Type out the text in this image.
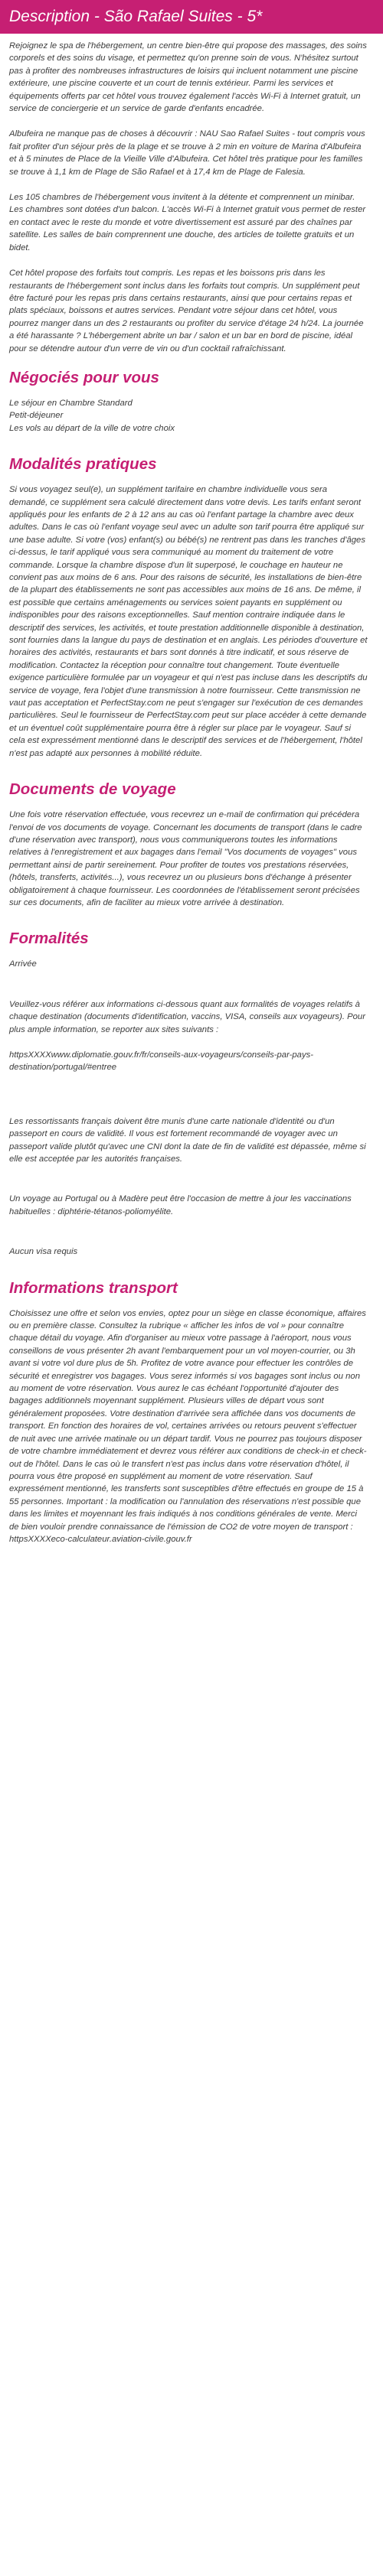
Description - São Rafael Suites - 5*

Rejoignez le spa de l'hébergement, un centre bien-être qui propose des massages, des soins corporels et des soins du visage, et permettez qu'on prenne soin de vous. N'hésitez surtout pas à profiter des nombreuses infrastructures de loisirs qui incluent notamment une piscine extérieure, une piscine couverte et un court de tennis extérieur. Parmi les services et équipements offerts par cet hôtel vous trouvez également l'accès Wi-Fi à Internet gratuit, un service de conciergerie et un service de garde d'enfants encadrée.

Albufeira ne manque pas de choses à découvrir : NAU Sao Rafael Suites - tout compris vous fait profiter d'un séjour près de la plage et se trouve à 2 min en voiture de Marina d'Albufeira et à 5 minutes de Place de la Vieille Ville d'Albufeira. Cet hôtel très pratique pour les familles se trouve à 1,1 km de Plage de São Rafael et à 17,4 km de Plage de Falesia.

Les 105 chambres de l'hébergement vous invitent à la détente et comprennent un minibar. Les chambres sont dotées d'un balcon. L'accès Wi-Fi à Internet gratuit vous permet de rester en contact avec le reste du monde et votre divertissement est assuré par des chaînes par satellite. Les salles de bain comprennent une douche, des articles de toilette gratuits et un bidet.

Cet hôtel propose des forfaits tout compris. Les repas et les boissons pris dans les restaurants de l'hébergement sont inclus dans les forfaits tout compris. Un supplément peut être facturé pour les repas pris dans certains restaurants, ainsi que pour certains repas et plats spéciaux, boissons et autres services. Pendant votre séjour dans cet hôtel, vous pourrez manger dans un des 2 restaurants ou profiter du service d'étage 24 h/24. La journée a été harassante ? L'hébergement abrite un bar / salon et un bar en bord de piscine, idéal pour se détendre autour d'un verre de vin ou d'un cocktail rafraîchissant.

Négociés pour vous

Le séjour en Chambre Standard
Petit-déjeuner
Les vols au départ de la ville de votre choix

Modalités pratiques

Si vous voyagez seul(e), un supplément tarifaire en chambre individuelle vous sera demandé, ce supplément sera calculé directement dans votre devis. Les tarifs enfant seront appliqués pour les enfants de 2 à 12 ans au cas où l'enfant partage la chambre avec deux adultes. Dans le cas où l'enfant voyage seul avec un adulte son tarif pourra être appliqué sur une base adulte. Si votre (vos) enfant(s) ou bébé(s) ne rentrent pas dans les tranches d'âges ci-dessus, le tarif appliqué vous sera communiqué au moment du traitement de votre commande. Lorsque la chambre dispose d'un lit superposé, le couchage en hauteur ne convient pas aux moins de 6 ans. Pour des raisons de sécurité, les installations de bien-être de la plupart des établissements ne sont pas accessibles aux moins de 16 ans. De même, il est possible que certains aménagements ou services soient payants en supplément ou indisponibles pour des raisons exceptionnelles. Sauf mention contraire indiquée dans le descriptif des services, les activités, et toute prestation additionnelle disponible à destination, sont fournies dans la langue du pays de destination et en anglais. Les périodes d'ouverture et horaires des activités, restaurants et bars sont donnés à titre indicatif, et sous réserve de modification. Contactez la réception pour connaître tout changement. Toute éventuelle exigence particulière formulée par un voyageur et qui n'est pas incluse dans les descriptifs du service de voyage, fera l'objet d'une transmission à notre fournisseur. Cette transmission ne vaut pas acceptation et PerfectStay.com ne peut s'engager sur l'exécution de ces demandes particulières. Seul le fournisseur de PerfectStay.com peut sur place accéder à cette demande et un éventuel coût supplémentaire pourra être à régler sur place par le voyageur. Sauf si cela est expressément mentionné dans le descriptif des services et de l'hébergement, l'hôtel n'est pas adapté aux personnes à mobilité réduite.

Documents de voyage

Une fois votre réservation effectuée, vous recevrez un e-mail de confirmation qui précédera l'envoi de vos documents de voyage. Concernant les documents de transport (dans le cadre d'une réservation avec transport), nous vous communiquerons toutes les informations relatives à l'enregistrement et aux bagages dans l'email "Vos documents de voyages" vous permettant ainsi de partir sereinement. Pour profiter de toutes vos prestations réservées, (hôtels, transferts, activités...), vous recevrez un ou plusieurs bons d'échange à présenter obligatoirement à chaque fournisseur. Les coordonnées de l'établissement seront précisées sur ces documents, afin de faciliter au mieux votre arrivée à destination.

Formalités

Arrivée

Veuillez-vous référer aux informations ci-dessous quant aux formalités de voyages relatifs à chaque destination (documents d'identification, vaccins, VISA, conseils aux voyageurs). Pour plus ample information, se reporter aux sites suivants :

httpsXXXXwww.diplomatie.gouv.fr/fr/conseils-aux-voyageurs/conseils-par-pays-destination/portugal/#entree

Les ressortissants français doivent être munis d'une carte nationale d'identité ou d'un passeport en cours de validité. Il vous est fortement recommandé de voyager avec un passeport valide plutôt qu'avec une CNI dont la date de fin de validité est dépassée, même si elle est acceptée par les autorités françaises.

Un voyage au Portugal ou à Madère peut être l'occasion de mettre à jour les vaccinations habituelles : diphtérie-tétanos-poliomyélite.

Aucun visa requis

Informations transport

Choisissez une offre et selon vos envies, optez pour un siège en classe économique, affaires ou en première classe. Consultez la rubrique « afficher les infos de vol » pour connaître chaque détail du voyage. Afin d'organiser au mieux votre passage à l'aéroport, nous vous conseillons de vous présenter 2h avant l'embarquement pour un vol moyen-courrier, ou 3h avant si votre vol dure plus de 5h. Profitez de votre avance pour effectuer les contrôles de sécurité et enregistrer vos bagages. Vous serez informés si vos bagages sont inclus ou non au moment de votre réservation. Vous aurez le cas échéant l'opportunité d'ajouter des bagages additionnels moyennant supplément. Plusieurs villes de départ vous sont généralement proposées. Votre destination d'arrivée sera affichée dans vos documents de transport. En fonction des horaires de vol, certaines arrivées ou retours peuvent s'effectuer de nuit avec une arrivée matinale ou un départ tardif. Vous ne pourrez pas toujours disposer de votre chambre immédiatement et devrez vous référer aux conditions de check-in et check-out de l'hôtel. Dans le cas où le transfert n'est pas inclus dans votre réservation d'hôtel, il pourra vous être proposé en supplément au moment de votre réservation. Sauf expressément mentionné, les transferts sont susceptibles d'être effectués en groupe de 15 à 55 personnes. Important : la modification ou l'annulation des réservations n'est possible que dans les limites et moyennant les frais indiqués à nos conditions générales de vente. Merci de bien vouloir prendre connaissance de l'émission de CO2 de votre moyen de transport : httpsXXXXeco-calculateur.aviation-civile.gouv.fr
